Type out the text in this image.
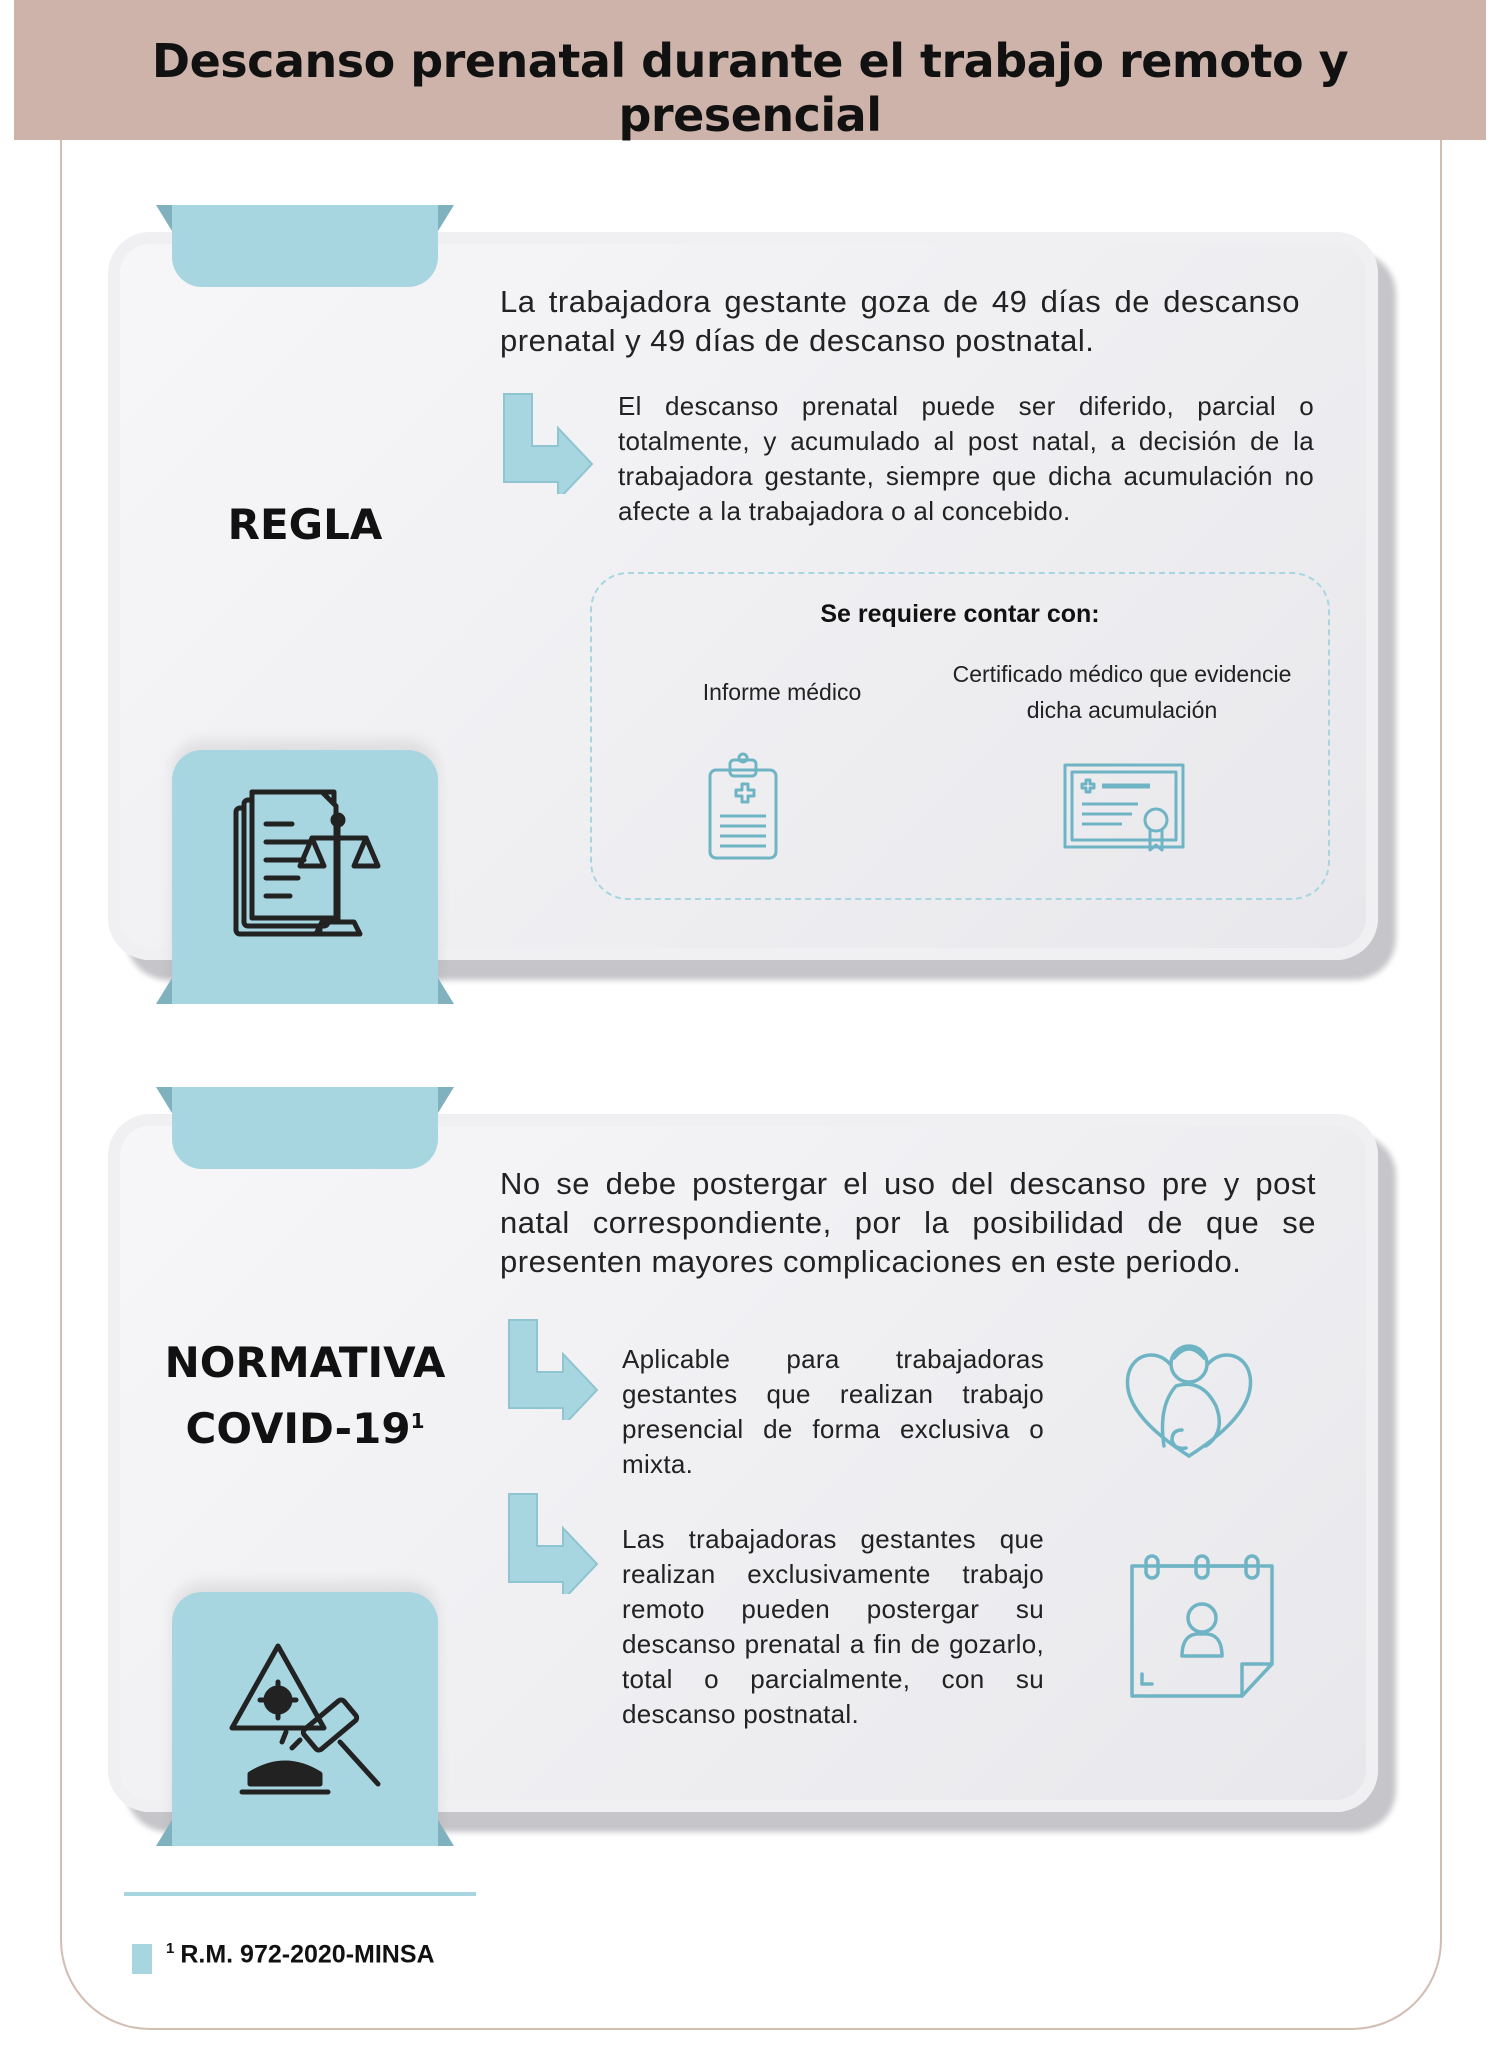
Descanso prenatal durante el trabajo remoto y presencial
REGLA
La trabajadora gestante goza de 49 días de descanso prenatal y 49 días de descanso postnatal.
El descanso prenatal puede ser diferido, parcial o totalmente, y acumulado al post natal, a decisión de la trabajadora gestante, siempre que dicha acumulación no afecte a la trabajadora o al concebido.
Se requiere contar con:
Informe médico
Certificado médico que evidencie dicha acumulación
NORMATIVA
COVID-$19^1$
No se debe postergar el uso del descanso pre y post natal correspondiente, por la posibilidad de que se presenten mayores complicaciones en este periodo.
Aplicable para trabajadoras gestantes que realizan trabajo presencial de forma exclusiva o mixta.
Las trabajadoras gestantes que realizan exclusivamente trabajo remoto pueden postergar su descanso prenatal a fin de gozarlo, total o parcialmente, con su descanso postnatal.
$^1$ R.M. 972-2020-MINSA
